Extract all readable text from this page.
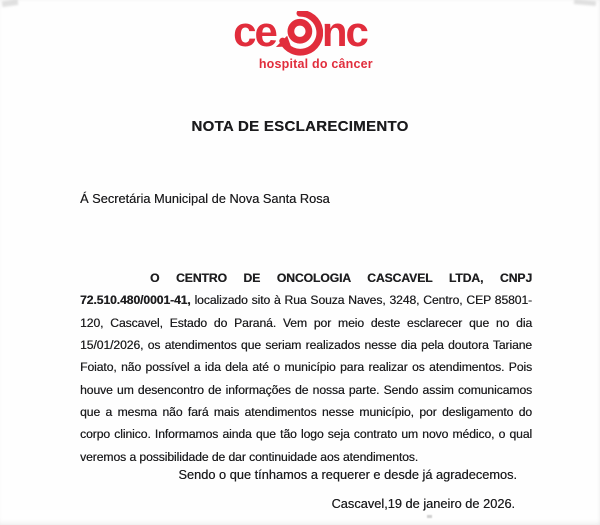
ce nc
hospital do câncer
NOTA DE ESCLARECIMENTO
Á Secretária Municipal de Nova Santa Rosa

O CENTRO DE ONCOLOGIA CASCAVEL LTDA, CNPJ 72.510.480/0001-41, localizado sito à Rua Souza Naves, 3248, Centro, CEP 85801-120, Cascavel, Estado do Paraná. Vem por meio deste esclarecer que no dia 15/01/2026, os atendimentos que seriam realizados nesse dia pela doutora Tariane Foiato, não possível a ida dela até o município para realizar os atendimentos. Pois houve um desencontro de informações de nossa parte. Sendo assim comunicamos que a mesma não fará mais atendimentos nesse município, por desligamento do corpo clinico. Informamos ainda que tão logo seja contrato um novo médico, o qual veremos a possibilidade de dar continuidade aos atendimentos.

Sendo o que tínhamos a requerer e desde já agradecemos.
Cascavel,19 de janeiro de 2026.
